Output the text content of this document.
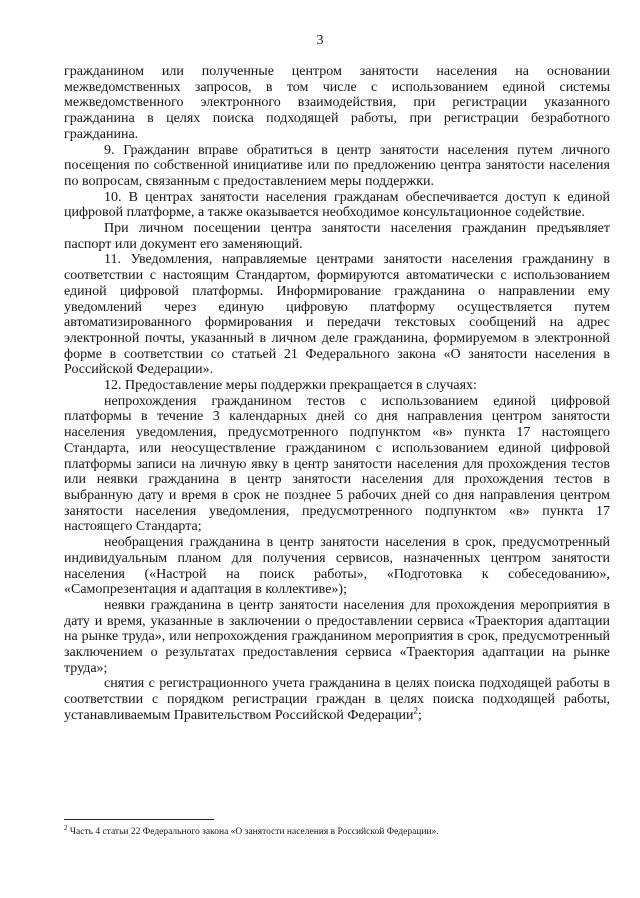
3

гражданином или полученные центром занятости населения на основании межведомственных запросов, в том числе с использованием единой системы межведомственного электронного взаимодействия, при регистрации указанного гражданина в целях поиска подходящей работы, при регистрации безработного гражданина.

9. Гражданин вправе обратиться в центр занятости населения путем личного посещения по собственной инициативе или по предложению центра занятости населения по вопросам, связанным с предоставлением меры поддержки.

10. В центрах занятости населения гражданам обеспечивается доступ к единой цифровой платформе, а также оказывается необходимое консультационное содействие.

При личном посещении центра занятости населения гражданин предъявляет паспорт или документ его заменяющий.

11. Уведомления, направляемые центрами занятости населения гражданину в соответствии с настоящим Стандартом, формируются автоматически с использованием единой цифровой платформы. Информирование гражданина о направлении ему уведомлений через единую цифровую платформу осуществляется путем автоматизированного формирования и передачи текстовых сообщений на адрес электронной почты, указанный в личном деле гражданина, формируемом в электронной форме в соответствии со статьей 21 Федерального закона «О занятости населения в Российской Федерации».

12. Предоставление меры поддержки прекращается в случаях:

непрохождения гражданином тестов с использованием единой цифровой платформы в течение 3 календарных дней со дня направления центром занятости населения уведомления, предусмотренного подпунктом «в» пункта 17 настоящего Стандарта, или неосуществление гражданином с использованием единой цифровой платформы записи на личную явку в центр занятости населения для прохождения тестов или неявки гражданина в центр занятости населения для прохождения тестов в выбранную дату и время в срок не позднее 5 рабочих дней со дня направления центром занятости населения уведомления, предусмотренного подпунктом «в» пункта 17 настоящего Стандарта;

необращения гражданина в центр занятости населения в срок, предусмотренный индивидуальным планом для получения сервисов, назначенных центром занятости населения («Настрой на поиск работы», «Подготовка к собеседованию», «Самопрезентация и адаптация в коллективе»);

неявки гражданина в центр занятости населения для прохождения мероприятия в дату и время, указанные в заключении о предоставлении сервиса «Траектория адаптации на рынке труда», или непрохождения гражданином мероприятия в срок, предусмотренный заключением о результатах предоставления сервиса «Траектория адаптации на рынке труда»;

снятия с регистрационного учета гражданина в целях поиска подходящей работы в соответствии с порядком регистрации граждан в целях поиска подходящей работы, устанавливаемым Правительством Российской Федерации$^2$;

$^2$ Часть 4 статьи 22 Федерального закона «О занятости населения в Российской Федерации».
